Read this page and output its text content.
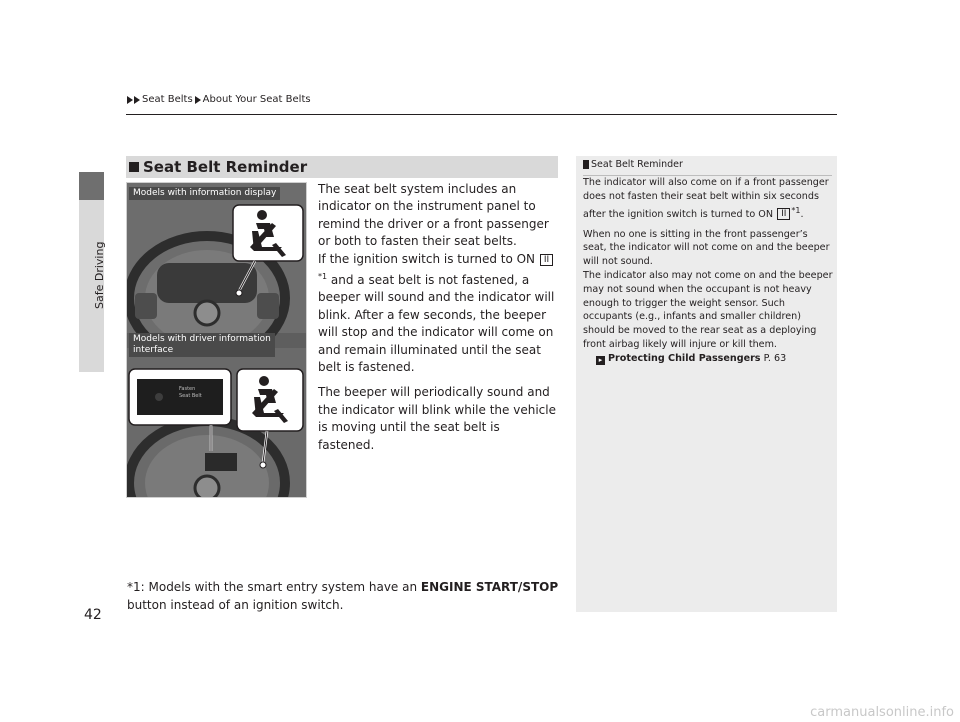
Safe Driving
42
Seat Belts About Your Seat Belts
Seat Belt Reminder
Models with information display
Models with driver information
interface
Fasten
Seat Belt

The seat belt system includes an indicator on the instrument panel to remind the driver or a front passenger or both to fasten their seat belts.

If the ignition switch is turned to ON II$^{*1}$ and a seat belt is not fastened, a beeper will sound and the indicator will blink. After a few seconds, the beeper will stop and the indicator will come on and remain illuminated until the seat belt is fastened.

The beeper will periodically sound and the indicator will blink while the vehicle is moving until the seat belt is fastened.

*1: Models with the smart entry system have an ENGINE START/STOP button instead of an ignition switch.
Seat Belt Reminder

The indicator will also come on if a front passenger does not fasten their seat belt within six seconds after the ignition switch is turned to ON II $^{*1}$.

When no one is sitting in the front passenger’s seat, the indicator will not come on and the beeper will not sound.

The indicator also may not come on and the beeper may not sound when the occupant is not heavy enough to trigger the weight sensor. Such occupants (e.g., infants and smaller children) should be moved to the rear seat as a deploying front airbag likely will injure or kill them.

▸ Protecting Child Passengers P. 63
carmanualsonline.info
